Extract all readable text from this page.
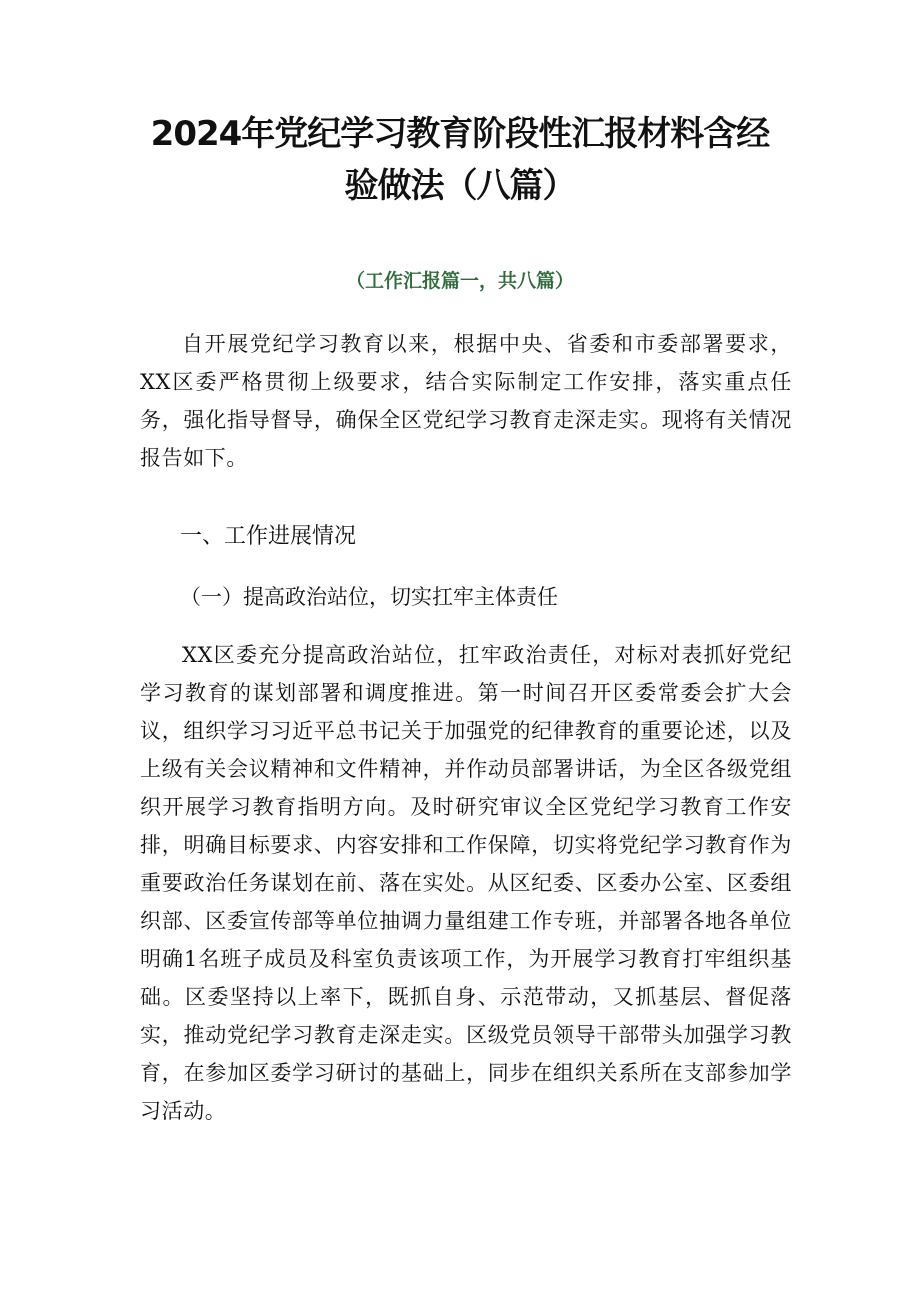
2024年党纪学习教育阶段性汇报材料含经验做法（八篇）
（工作汇报篇一，共八篇）
自开展党纪学习教育以来，根据中央、省委和市委部署要求，XX区委严格贯彻上级要求，结合实际制定工作安排，落实重点任务，强化指导督导，确保全区党纪学习教育走深走实。现将有关情况报告如下。
一、工作进展情况
（一）提高政治站位，切实扛牢主体责任
XX区委充分提高政治站位，扛牢政治责任，对标对表抓好党纪学习教育的谋划部署和调度推进。第一时间召开区委常委会扩大会议，组织学习习近平总书记关于加强党的纪律教育的重要论述，以及上级有关会议精神和文件精神，并作动员部署讲话，为全区各级党组织开展学习教育指明方向。及时研究审议全区党纪学习教育工作安排，明确目标要求、内容安排和工作保障，切实将党纪学习教育作为重要政治任务谋划在前、落在实处。从区纪委、区委办公室、区委组织部、区委宣传部等单位抽调力量组建工作专班，并部署各地各单位明确1名班子成员及科室负责该项工作，为开展学习教育打牢组织基础。区委坚持以上率下，既抓自身、示范带动，又抓基层、督促落实，推动党纪学习教育走深走实。区级党员领导干部带头加强学习教育，在参加区委学习研讨的基础上，同步在组织关系所在支部参加学习活动。
